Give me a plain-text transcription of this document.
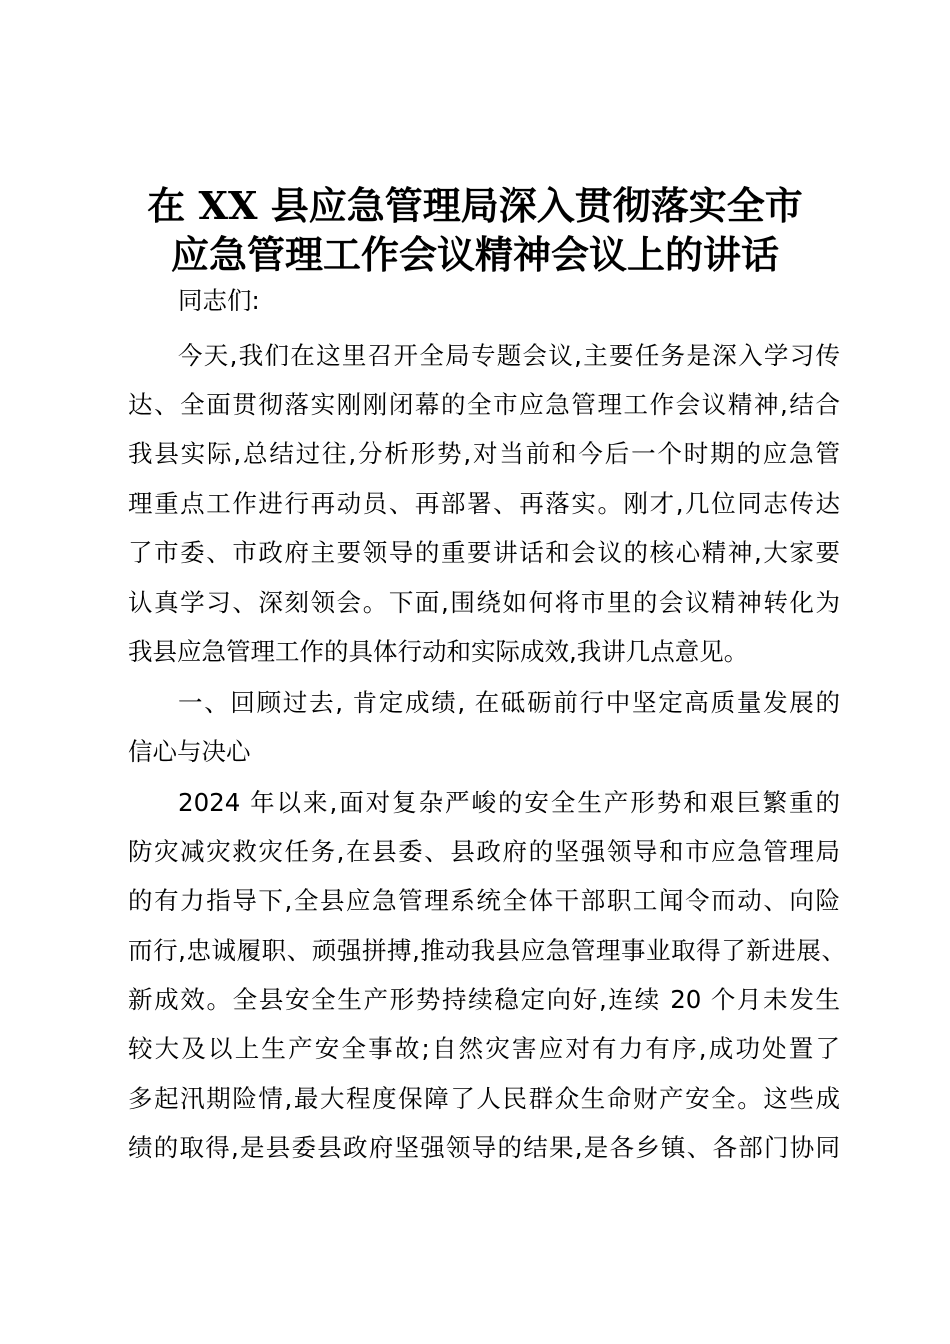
在 XX 县应急管理局深入贯彻落实全市
应急管理工作会议精神会议上的讲话
同志们:
今天,我们在这里召开全局专题会议,主要任务是深入学习传
达、全面贯彻落实刚刚闭幕的全市应急管理工作会议精神,结合
我县实际,总结过往,分析形势,对当前和今后一个时期的应急管
理重点工作进行再动员、再部署、再落实。刚才,几位同志传达
了市委、市政府主要领导的重要讲话和会议的核心精神,大家要
认真学习、深刻领会。下面,围绕如何将市里的会议精神转化为
我县应急管理工作的具体行动和实际成效,我讲几点意见。
一、回顾过去, 肯定成绩, 在砥砺前行中坚定高质量发展的
信心与决心
2024 年以来,面对复杂严峻的安全生产形势和艰巨繁重的
防灾减灾救灾任务,在县委、县政府的坚强领导和市应急管理局
的有力指导下,全县应急管理系统全体干部职工闻令而动、向险
而行,忠诚履职、顽强拼搏,推动我县应急管理事业取得了新进展、
新成效。全县安全生产形势持续稳定向好,连续 20 个月未发生
较大及以上生产安全事故;自然灾害应对有力有序,成功处置了
多起汛期险情,最大程度保障了人民群众生命财产安全。这些成
绩的取得,是县委县政府坚强领导的结果,是各乡镇、各部门协同
